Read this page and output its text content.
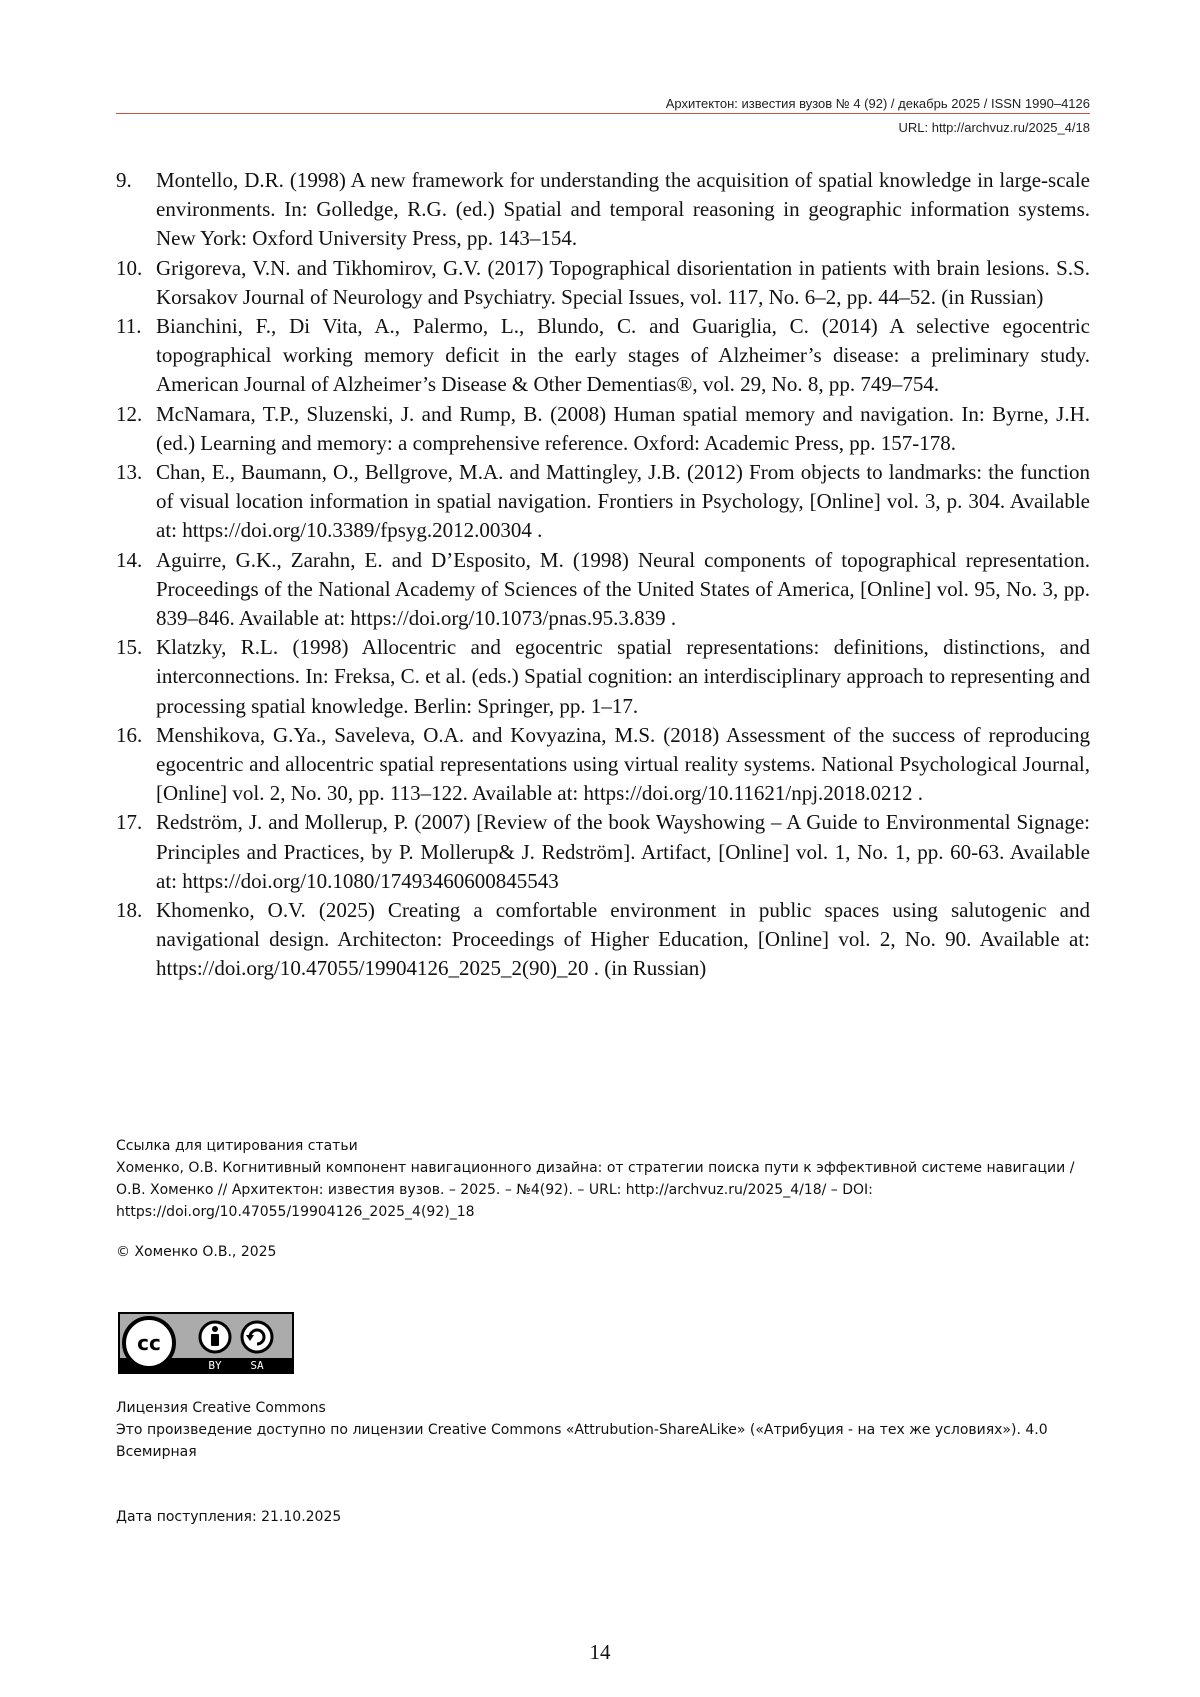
Архитектон: известия вузов № 4 (92) / декабрь 2025 / ISSN 1990–4126
URL: http://archvuz.ru/2025_4/18
9. Montello, D.R. (1998) A new framework for understanding the acquisition of spatial knowledge in large-scale environments. In: Golledge, R.G. (ed.) Spatial and temporal reasoning in geographic information systems. New York: Oxford University Press, pp. 143–154.
10. Grigoreva, V.N. and Tikhomirov, G.V. (2017) Topographical disorientation in patients with brain lesions. S.S. Korsakov Journal of Neurology and Psychiatry. Special Issues, vol. 117, No. 6–2, pp. 44–52. (in Russian)
11. Bianchini, F., Di Vita, A., Palermo, L., Blundo, C. and Guariglia, C. (2014) A selective egocentric topographical working memory deficit in the early stages of Alzheimer’s disease: a preliminary study. American Journal of Alzheimer’s Disease & Other Dementias®, vol. 29, No. 8, pp. 749–754.
12. McNamara, T.P., Sluzenski, J. and Rump, B. (2008) Human spatial memory and navigation. In: Byrne, J.H. (ed.) Learning and memory: a comprehensive reference. Oxford: Academic Press, pp. 157-178.
13. Chan, E., Baumann, O., Bellgrove, M.A. and Mattingley, J.B. (2012) From objects to landmarks: the function of visual location information in spatial navigation. Frontiers in Psychology, [Online] vol. 3, p. 304. Available at: https://doi.org/10.3389/fpsyg.2012.00304 .
14. Aguirre, G.K., Zarahn, E. and D’Esposito, M. (1998) Neural components of topographical representation. Proceedings of the National Academy of Sciences of the United States of America, [Online] vol. 95, No. 3, pp. 839–846. Available at: https://doi.org/10.1073/pnas.95.3.839 .
15. Klatzky, R.L. (1998) Allocentric and egocentric spatial representations: definitions, distinctions, and interconnections. In: Freksa, C. et al. (eds.) Spatial cognition: an interdisciplinary approach to representing and processing spatial knowledge. Berlin: Springer, pp. 1–17.
16. Menshikova, G.Ya., Saveleva, O.A. and Kovyazina, M.S. (2018) Assessment of the success of reproducing egocentric and allocentric spatial representations using virtual reality systems. National Psychological Journal, [Online] vol. 2, No. 30, pp. 113–122. Available at: https://doi.org/10.11621/npj.2018.0212 .
17. Redström, J. and Mollerup, P. (2007) [Review of the book Wayshowing – A Guide to Environmental Signage: Principles and Practices, by P. Mollerup& J. Redström]. Artifact, [Online] vol. 1, No. 1, pp. 60-63. Available at: https://doi.org/10.1080/17493460600845543
18. Khomenko, O.V. (2025) Creating a comfortable environment in public spaces using salutogenic and navigational design. Architecton: Proceedings of Higher Education, [Online] vol. 2, No. 90. Available at: https://doi.org/10.47055/19904126_2025_2(90)_20 . (in Russian)

Ссылка для цитирования статьи

Хоменко, О.В. Когнитивный компонент навигационного дизайна: от стратегии поиска пути к эффективной системе навигации / О.В. Хоменко // Архитектон: известия вузов. – 2025. – №4(92). – URL: http://archvuz.ru/2025_4/18/ – DOI: https://doi.org/10.47055/19904126_2025_4(92)_18

© Хоменко О.В., 2025
cc
BY	SA

Лицензия Creative Commons

Это произведение доступно по лицензии Creative Commons «Attrubution-ShareALike» («Атрибуция - на тех же условиях»). 4.0 Всемирная

Дата поступления: 21.10.2025
14
